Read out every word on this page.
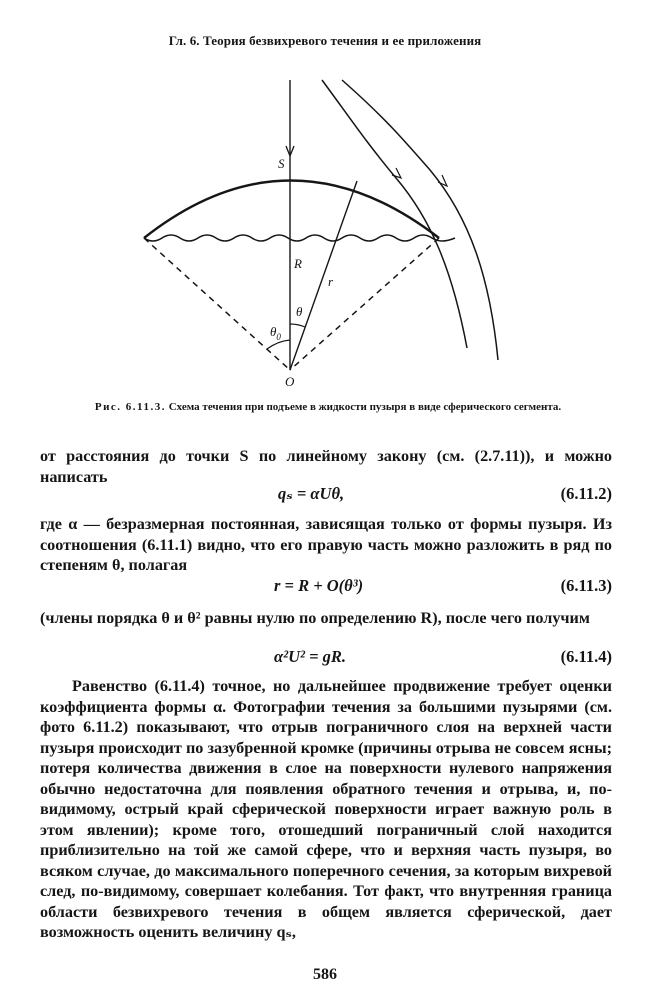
Гл. 6. Теория безвихревого течения и ее приложения
S
R
r
θ
$\theta_0$
O
Рис. 6.11.3. Схема течения при подъеме в жидкости пузыря в виде сферического сегмента.

от расстояния до точки S по линейному закону (см. (2.7.11)), и можно написать

qₛ = αUθ,	(6.11.2)

где α — безразмерная постоянная, зависящая только от формы пузыря. Из соотношения (6.11.1) видно, что его правую часть можно разложить в ряд по степеням θ, полагая

r = R + O(θ³)	(6.11.3)

(члены порядка θ и θ² равны нулю по определению R), после чего получим

α²U² = gR.	(6.11.4)

Равенство (6.11.4) точное, но дальнейшее продвижение требует оценки коэффициента формы α. Фотографии течения за большими пузырями (см. фото 6.11.2) показывают, что отрыв пограничного слоя на верхней части пузыря происходит по зазубренной кромке (причины отрыва не совсем ясны; потеря количества движения в слое на поверхности нулевого напряжения обычно недостаточна для появления обратного течения и отрыва, и, по-видимому, острый край сферической поверхности играет важную роль в этом явлении); кроме того, отошедший пограничный слой находится приблизительно на той же самой сфере, что и верхняя часть пузыря, во всяком случае, до максимального поперечного сечения, за которым вихревой след, по-видимому, совершает колебания. Тот факт, что внутренняя граница области безвихревого течения в общем является сферической, дает возможность оценить величину qₛ,

586
